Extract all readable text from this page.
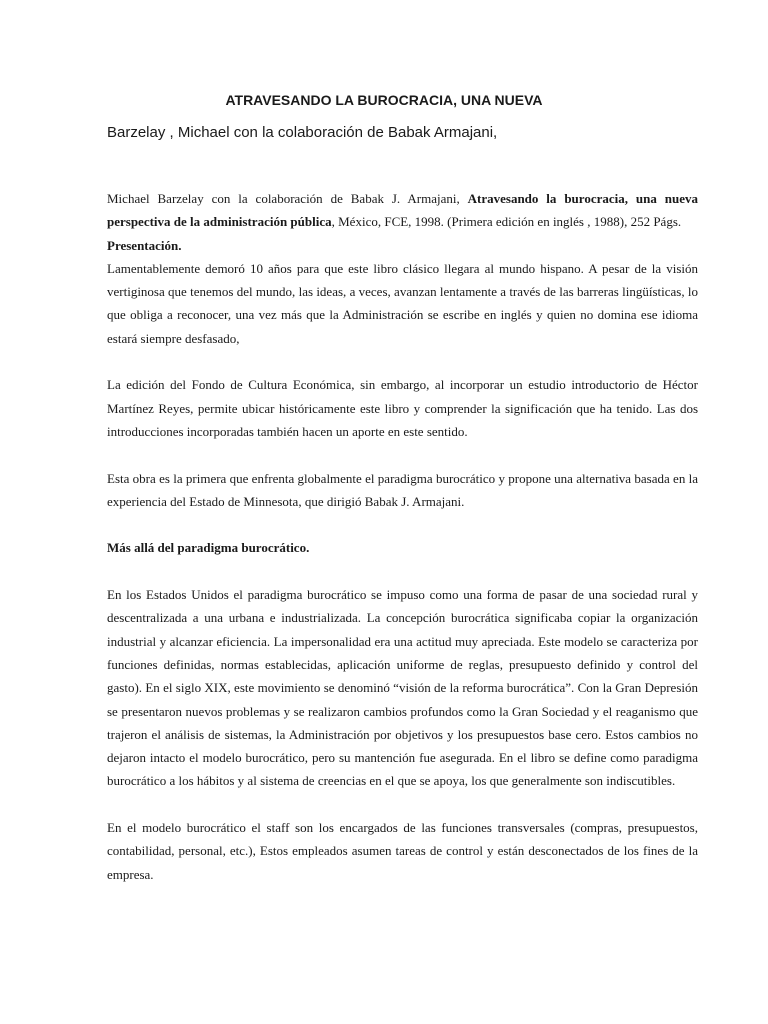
ATRAVESANDO LA BUROCRACIA, UNA NUEVA

Barzelay , Michael con la colaboración de Babak Armajani,

Michael Barzelay con la colaboración de Babak J. Armajani, Atravesando la burocracia, una nueva perspectiva de la administración pública, México, FCE, 1998. (Primera edición en inglés , 1988), 252 Págs.

Presentación.

Lamentablemente demoró 10 años para que este libro clásico llegara al mundo hispano. A pesar de la visión vertiginosa que tenemos del mundo, las ideas, a veces, avanzan lentamente a través de las barreras lingüísticas, lo que obliga a reconocer, una vez más que la Administración se escribe en inglés y quien no domina ese idioma estará siempre desfasado,

La edición del Fondo de Cultura Económica, sin embargo, al incorporar un estudio introductorio de Héctor Martínez Reyes, permite ubicar históricamente este libro y comprender la significación que ha tenido. Las dos introducciones incorporadas también hacen un aporte en este sentido.

Esta obra es la primera que enfrenta globalmente el paradigma burocrático y propone una alternativa basada en la experiencia del Estado de Minnesota, que dirigió Babak J. Armajani.

Más allá del paradigma burocrático.

En los Estados Unidos el paradigma burocrático se impuso como una forma de pasar de una sociedad rural y descentralizada a una urbana e industrializada. La concepción burocrática significaba copiar la organización industrial y alcanzar eficiencia. La impersonalidad era una actitud muy apreciada. Este modelo se caracteriza por funciones definidas, normas establecidas, aplicación uniforme de reglas, presupuesto definido y control del gasto). En el siglo XIX, este movimiento se denominó “visión de la reforma burocrática”. Con la Gran Depresión se presentaron nuevos problemas y se realizaron cambios profundos como la Gran Sociedad y el reaganismo que trajeron el análisis de sistemas, la Administración por objetivos y los presupuestos base cero. Estos cambios no dejaron intacto el modelo burocrático, pero su mantención fue asegurada. En el libro se define como paradigma burocrático a los hábitos y al sistema de creencias en el que se apoya, los que generalmente son indiscutibles.

En el modelo burocrático el staff son los encargados de las funciones transversales (compras, presupuestos, contabilidad, personal, etc.), Estos empleados asumen tareas de control y están desconectados de los fines de la empresa.
